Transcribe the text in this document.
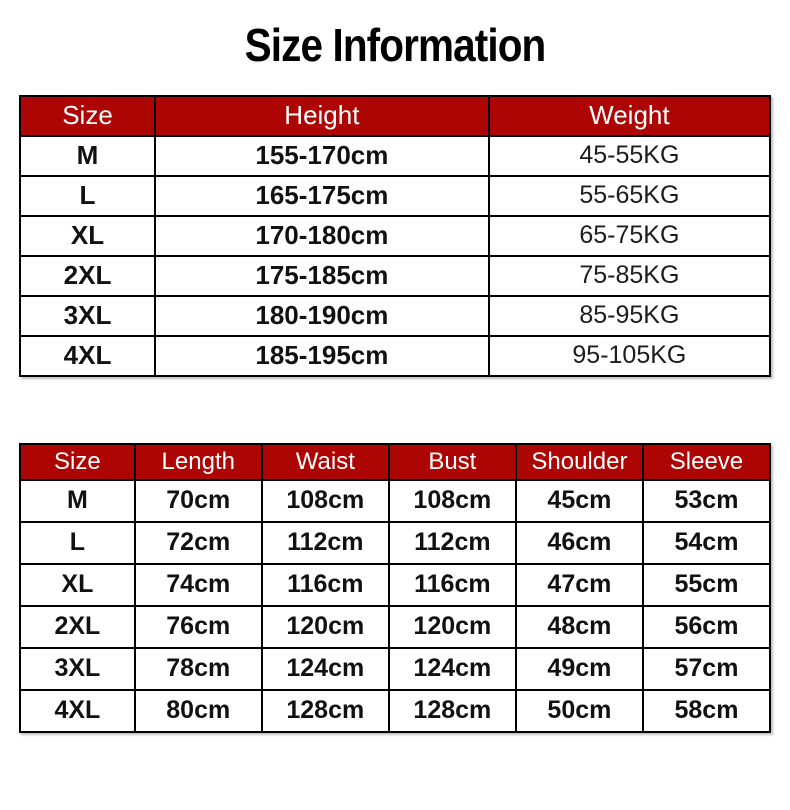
Size Information
Size	Height	Weight
M	155-170cm	45-55KG
L	165-175cm	55-65KG
XL	170-180cm	65-75KG
2XL	175-185cm	75-85KG
3XL	180-190cm	85-95KG
4XL	185-195cm	95-105KG
Size	Length	Waist	Bust	Shoulder	Sleeve
M	70cm	108cm	108cm	45cm	53cm
L	72cm	112cm	112cm	46cm	54cm
XL	74cm	116cm	116cm	47cm	55cm
2XL	76cm	120cm	120cm	48cm	56cm
3XL	78cm	124cm	124cm	49cm	57cm
4XL	80cm	128cm	128cm	50cm	58cm
